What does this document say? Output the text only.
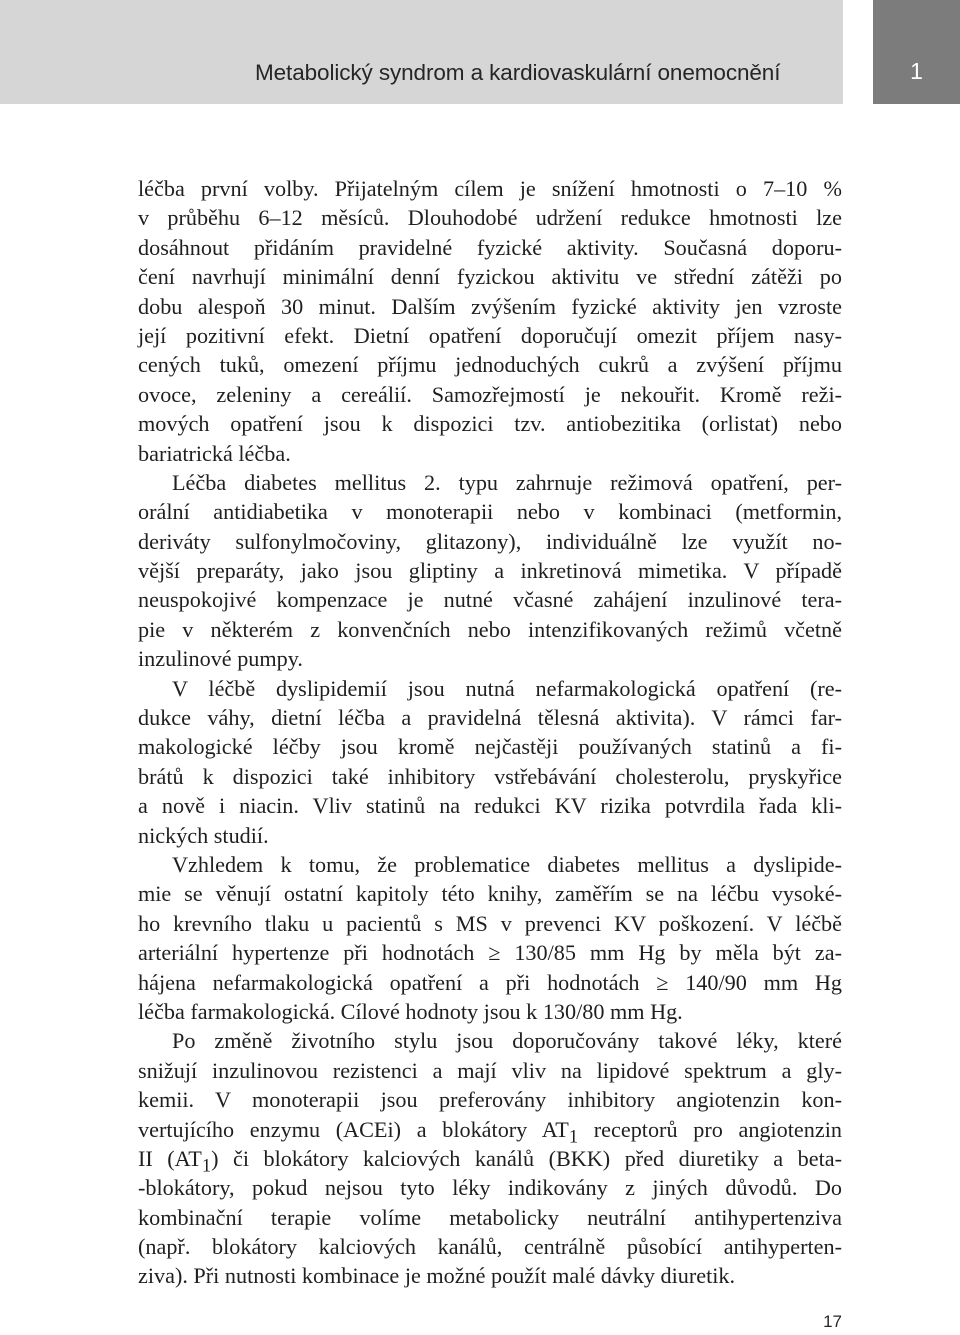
Metabolický syndrom a kardiovaskulární onemocnění	1
léčba první volby. Přijatelným cílem je snížení hmotnosti o 7–10 %
v průběhu 6–12 měsíců. Dlouhodobé udržení redukce hmotnosti lze
dosáhnout přidáním pravidelné fyzické aktivity. Současná doporu-
čení navrhují minimální denní fyzickou aktivitu ve střední zátěži po
dobu alespoň 30 minut. Dalším zvýšením fyzické aktivity jen vzroste
její pozitivní efekt. Dietní opatření doporučují omezit příjem nasy-
cených tuků, omezení příjmu jednoduchých cukrů a zvýšení příjmu
ovoce, zeleniny a cereálií. Samozřejmostí je nekouřit. Kromě reži-
mových opatření jsou k dispozici tzv. antiobezitika (orlistat) nebo
bariatrická léčba.
Léčba diabetes mellitus 2. typu zahrnuje režimová opatření, per-
orální antidiabetika v monoterapii nebo v kombinaci (metformin,
deriváty sulfonylmočoviny, glitazony), individuálně lze využít no-
vější preparáty, jako jsou gliptiny a inkretinová mimetika. V případě
neuspokojivé kompenzace je nutné včasné zahájení inzulinové tera-
pie v některém z konvenčních nebo intenzifikovaných režimů včetně
inzulinové pumpy.
V léčbě dyslipidemií jsou nutná nefarmakologická opatření (re-
dukce váhy, dietní léčba a pravidelná tělesná aktivita). V rámci far-
makologické léčby jsou kromě nejčastěji používaných statinů a fi-
brátů k dispozici také inhibitory vstřebávání cholesterolu, pryskyřice
a nově i niacin. Vliv statinů na redukci KV rizika potvrdila řada kli-
nických studií.
Vzhledem k tomu, že problematice diabetes mellitus a dyslipide-
mie se věnují ostatní kapitoly této knihy, zaměřím se na léčbu vysoké-
ho krevního tlaku u pacientů s MS v prevenci KV poškození. V léčbě
arteriální hypertenze při hodnotách ≥ 130/85 mm Hg by měla být za-
hájena nefarmakologická opatření a při hodnotách ≥ 140/90 mm Hg
léčba farmakologická. Cílové hodnoty jsou k 130/80 mm Hg.
Po změně životního stylu jsou doporučovány takové léky, které
snižují inzulinovou rezistenci a mají vliv na lipidové spektrum a gly-
kemii. V monoterapii jsou preferovány inhibitory angiotenzin kon-
vertujícího enzymu (ACEi) a blokátory $AT_1$ receptorů pro angiotenzin
II $(AT_1)$ či blokátory kalciových kanálů (BKK) před diuretiky a beta-
-blokátory, pokud nejsou tyto léky indikovány z jiných důvodů. Do
kombinační terapie volíme metabolicky neutrální antihypertenziva
(např. blokátory kalciových kanálů, centrálně působící antihyperten-
ziva). Při nutnosti kombinace je možné použít malé dávky diuretik.
17
